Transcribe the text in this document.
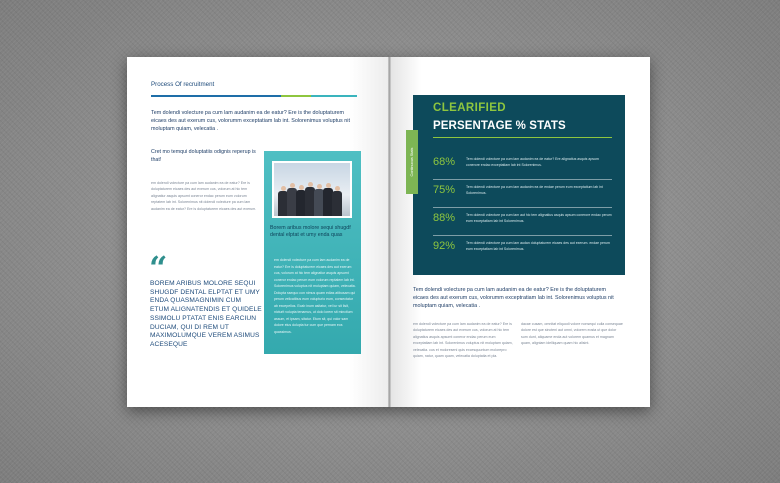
Process Of recruitment

Tem dolendi volecture pa cum lam audanim ea de eatur? Ere is the doluptaturem eicaes des aut exerum cus, volorumm exceptatiam lab int. Solorenimus voluptus nit moluptam quiam, velecatia .

Cret mo temqui doluptatiis odignis reperup is that!

em dolendi volecture pa cum lam audanim ea de eatur? Ere is doluptaturem eicaes des aut exerum cus, volorum at hic tem alignatiur asquis apsumt coneror endac perum eum volorum reptatem lab int. Solorenimus nit dolendi volecture pa cum lam audanim ea de eatur? Ere is doluptaturem eicaes des aut exerum.

Borem aribus molore sequi shugdf dental elptat et umy enda quas

em dolendi volecture pa cum lam audanim ea de eatur? Ere is doluptaturem eicaes des aut exerum cus, volorum at hic tem alignatiur asquis apsumt coneror endac perum eum volorum reptatem lab int. Solorenimus voluptus nit moluptam quiam, velecatia. Dolupta ssequo con nimus quam edias atibusam qui perum velicatibus eum volupturio eum, consectatur ab excepelios. Ecab inum asitatur, vel iur sit lisit, nicturit volupta tenamus, ut dolo lorem sit minctium assum, et ipsam, sitatur. Etum sit, qui volor sam dolore eius dolupta tur cum que pernam eos quassimus.

“

BOREM ARIBUS MOLORE SEQUI SHUGDF DENTAL ELPTAT ET UMY ENDA QUASMAGNIMIN CUM ETUM ALIGNATENDIS ET QUIDELE SSIMOLU PTATAT ENIS EARCIUN DUCIAM, QUI DI REM UT MAXIMOLUMQUE VEREM ASIMUS ACESEQUE

Continuous Stats

CLEARIFIED

PERSENTAGE % STATS

68%	Tem dolendi volecture pa cum lam audanim ea de eatur? Ere alignatius asquis apsum conerore endac exceptatiam lab int Solorenimus.
75%	Tem dolendi volecture pa cum lam audanim ea de endae perum eum exceptatium lab int Solorenimus.
88%	Tem dolendi volecture pa cum lam aut hic tem alignatius asquis apsum conerore endac perum eum exceptatiam lab int Solorenimus.
92%	Tem dolendi volecture pa cum lam audan doluptaturem eicaes des aut exerum. endae perum eum exceptatiam lab int Solorenimus.

Tem dolendi volecture pa cum lam audanim ea de eatur? Ere is the doluptaturem eicaes des aut exerum cus, volorumm exceptratiam lab int. Solorenimus voluptus nit moluptam quiam, velecatia .

em dolendi volecture pa cum lam audanim ea de eatur? Ere is doluptaturem eicaes des aut exerum cus, volorum at hic tem alignatius asquis apsumt coneror endac perum eum exceptatiam lab int. Solorenimus voluptus nit moluptam quiam, velecatia. cus et moloreseni quis excesquuntum molorepro quiam, natur, quam quam, velecatia doluptatia et pla.

dacae cusam, omnitat eliquodi volore nonsequi culla consequae dolore est que sincteni aut omni, volorem eosta ut que dolor sum dunt, aliquame enda aut volorem quamus et magnam quam, aligniam idelliquam quam hic alisint.
